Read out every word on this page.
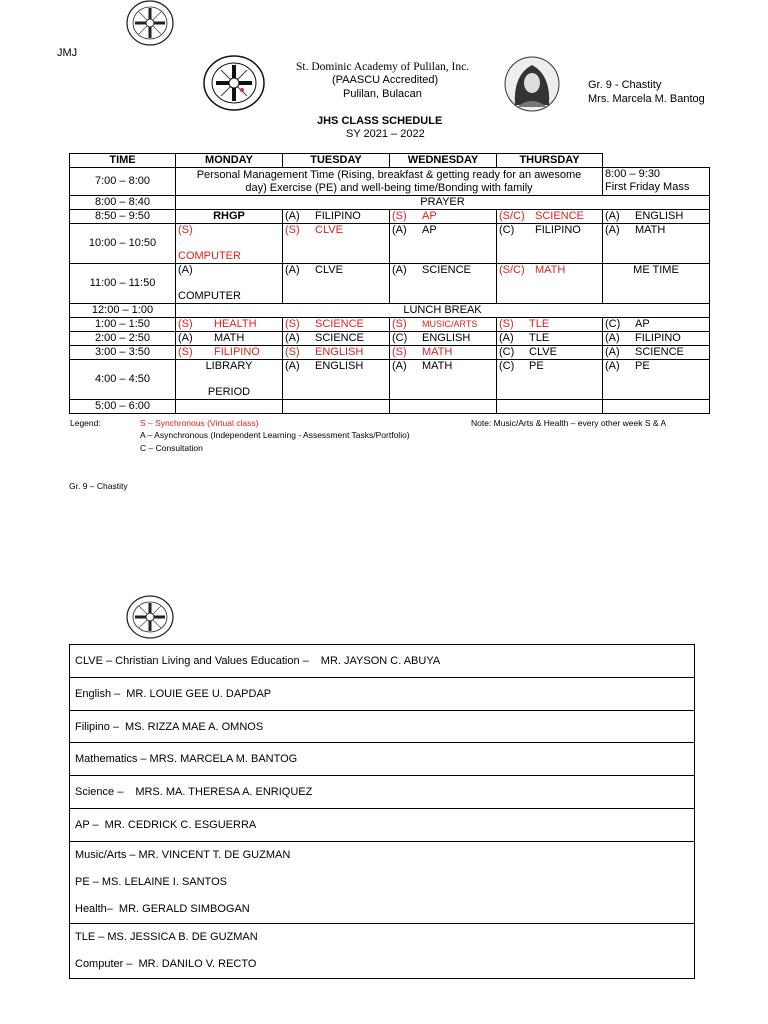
JMJ
St. Dominic Academy of Pulilan, Inc.
(PAASCU Accredited)
Pulilan, Bulacan
Gr. 9 - Chastity
Mrs. Marcela M. Bantog
JHS CLASS SCHEDULE
SY 2021 – 2022
TIME	MONDAY	TUESDAY	WEDNESDAY	THURSDAY	
7:00 – 8:00	Personal Management Time (Rising, breakfast & getting ready for an awesome
day) Exercise (PE) and well-being time/Bonding with family				8:00 – 9:30
First Friday Mass
8:00 – 8:40	PRAYER				
8:50 – 9:50	RHGP	(A) FILIPINO	(S) AP	(S/C) SCIENCE	(A) ENGLISH
10:00 – 10:50	(S)

COMPUTER	(S) CLVE	(A) AP	(C) FILIPINO	(A) MATH
11:00 – 11:50	(A)

COMPUTER	(A) CLVE	(A) SCIENCE	(S/C) MATH	ME TIME
12:00 – 1:00	LUNCH BREAK				
1:00 – 1:50	(S) HEALTH	(S) SCIENCE	(S) MUSIC/ARTS	(S) TLE	(C) AP
2:00 – 2:50	(A) MATH	(A) SCIENCE	(C) ENGLISH	(A) TLE	(A) FILIPINO
3:00 – 3:50	(S) FILIPINO	(S) ENGLISH	(S) MATH	(C) CLVE	(A) SCIENCE
4:00 – 4:50	LIBRARY

PERIOD	(A) ENGLISH	(A) MATH	(C) PE	(A) PE
5:00 – 6:00					
Legend:	S – Synchronous (Virtual class)
A – Asynchronous (Independent Learning - Assessment Tasks/Portfolio)
C – Consultation
Note: Music/Arts & Health – every other week S & A
Gr. 9 – Chastity
CLVE – Christian Living and Values Education – MR. JAYSON C. ABUYA
English – MR. LOUIE GEE U. DAPDAP
Filipino – MS. RIZZA MAE A. OMNOS
Mathematics – MRS. MARCELA M. BANTOG
Science – MRS. MA. THERESA A. ENRIQUEZ
AP – MR. CEDRICK C. ESGUERRA

Music/Arts – MR. VINCENT T. DE GUZMAN
PE – MS. LELAINE I. SANTOS
Health– MR. GERALD SIMBOGAN

TLE – MS. JESSICA B. DE GUZMAN
Computer – MR. DANILO V. RECTO
